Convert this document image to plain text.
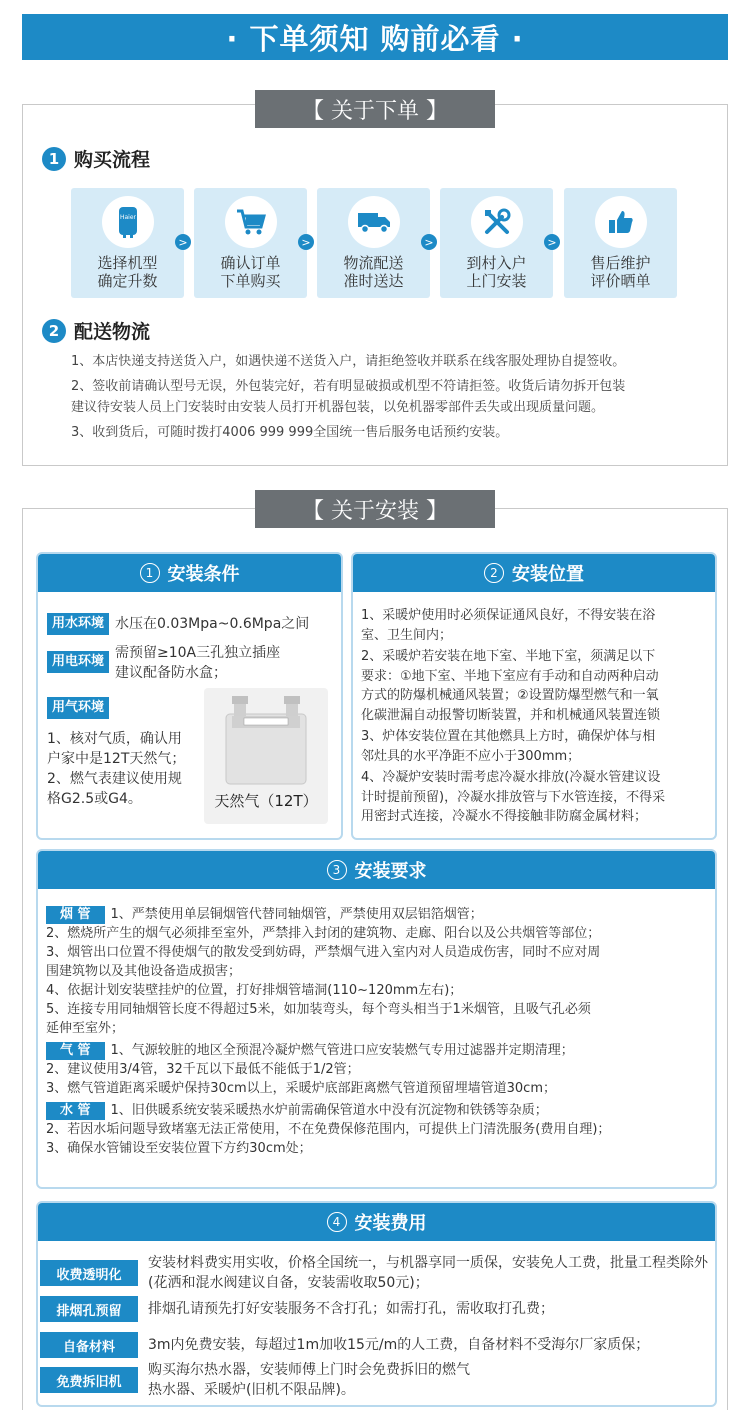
· 下单须知 购前必看 ·
【 关于下单 】
1 购买流程
Haier
选择机型
确定升数
>
确认订单
下单购买
>
物流配送
准时送达
>
到村入户
上门安装
>
售后维护
评价晒单
2 配送物流
1、本店快递支持送货入户，如遇快递不送货入户，请拒绝签收并联系在线客服处理协自提签收。
2、签收前请确认型号无误，外包装完好，若有明显破损或机型不符请拒签。收货后请勿拆开包装
建议待安装人员上门安装时由安装人员打开机器包装，以免机器零部件丢失或出现质量问题。
3、收到货后，可随时拨打4006 999 999全国统一售后服务电话预约安装。
【 关于安装 】
1 安装条件
用水环境 水压在0.03Mpa~0.6Mpa之间
用电环境
需预留≥10A三孔独立插座
建议配备防水盒；
用气环境
1、核对气质，确认用
户家中是12T天然气；
2、燃气表建议使用规
格G2.5或G4。	天然气（12T）
2 安装位置
1、采暖炉使用时必须保证通风良好，不得安装在浴
室、卫生间内；
2、采暖炉若安装在地下室、半地下室，须满足以下
要求：①地下室、半地下室应有手动和自动两种启动
方式的防爆机械通风装置；②设置防爆型燃气和一氧
化碳泄漏自动报警切断装置，并和机械通风装置连锁
3、炉体安装位置在其他燃具上方时，确保炉体与相
邻灶具的水平净距不应小于300mm；
4、冷凝炉安装时需考虑冷凝水排放(冷凝水管建议设
计时提前预留)，冷凝水排放管与下水管连接，不得采
用密封式连接，冷凝水不得接触非防腐金属材料；
3 安装要求
烟 管 1、严禁使用单层铜烟管代替同轴烟管，严禁使用双层铝箔烟管；
2、燃烧所产生的烟气必须排至室外，严禁排入封闭的建筑物、走廊、阳台以及公共烟管等部位；
3、烟管出口位置不得使烟气的散发受到妨碍，严禁烟气进入室内对人员造成伤害，同时不应对周
围建筑物以及其他设备造成损害；
4、依据计划安装壁挂炉的位置，打好排烟管墙洞(110~120mm左右)；
5、连接专用同轴烟管长度不得超过5米，如加装弯头，每个弯头相当于1米烟管，且吸气孔必须
延伸至室外；
气 管 1、气源较脏的地区全预混冷凝炉燃气管进口应安装燃气专用过滤器并定期清理；
2、建议使用3/4管，32千瓦以下最低不能低于1/2管；
3、燃气管道距离采暖炉保持30cm以上，采暖炉底部距离燃气管道预留埋墙管道30cm；
水 管 1、旧供暖系统安装采暖热水炉前需确保管道水中没有沉淀物和铁锈等杂质；
2、若因水垢问题导致堵塞无法正常使用，不在免费保修范围内，可提供上门清洗服务(费用自理)；
3、确保水管铺设至安装位置下方约30cm处；
4 安装费用
收费透明化
安装材料费实用实收，价格全国统一，与机器享同一质保，安装免人工费，批量工程类除外(花洒和混水阀建议自备，安装需收取50元)；
排烟孔预留	排烟孔请预先打好安装服务不含打孔；如需打孔，需收取打孔费；
自备材料	3m内免费安装，每超过1m加收15元/m的人工费，自备材料不受海尔厂家质保；
免费拆旧机
购买海尔热水器，安装师傅上门时会免费拆旧的燃气热水器、采暖炉(旧机不限品牌)。
